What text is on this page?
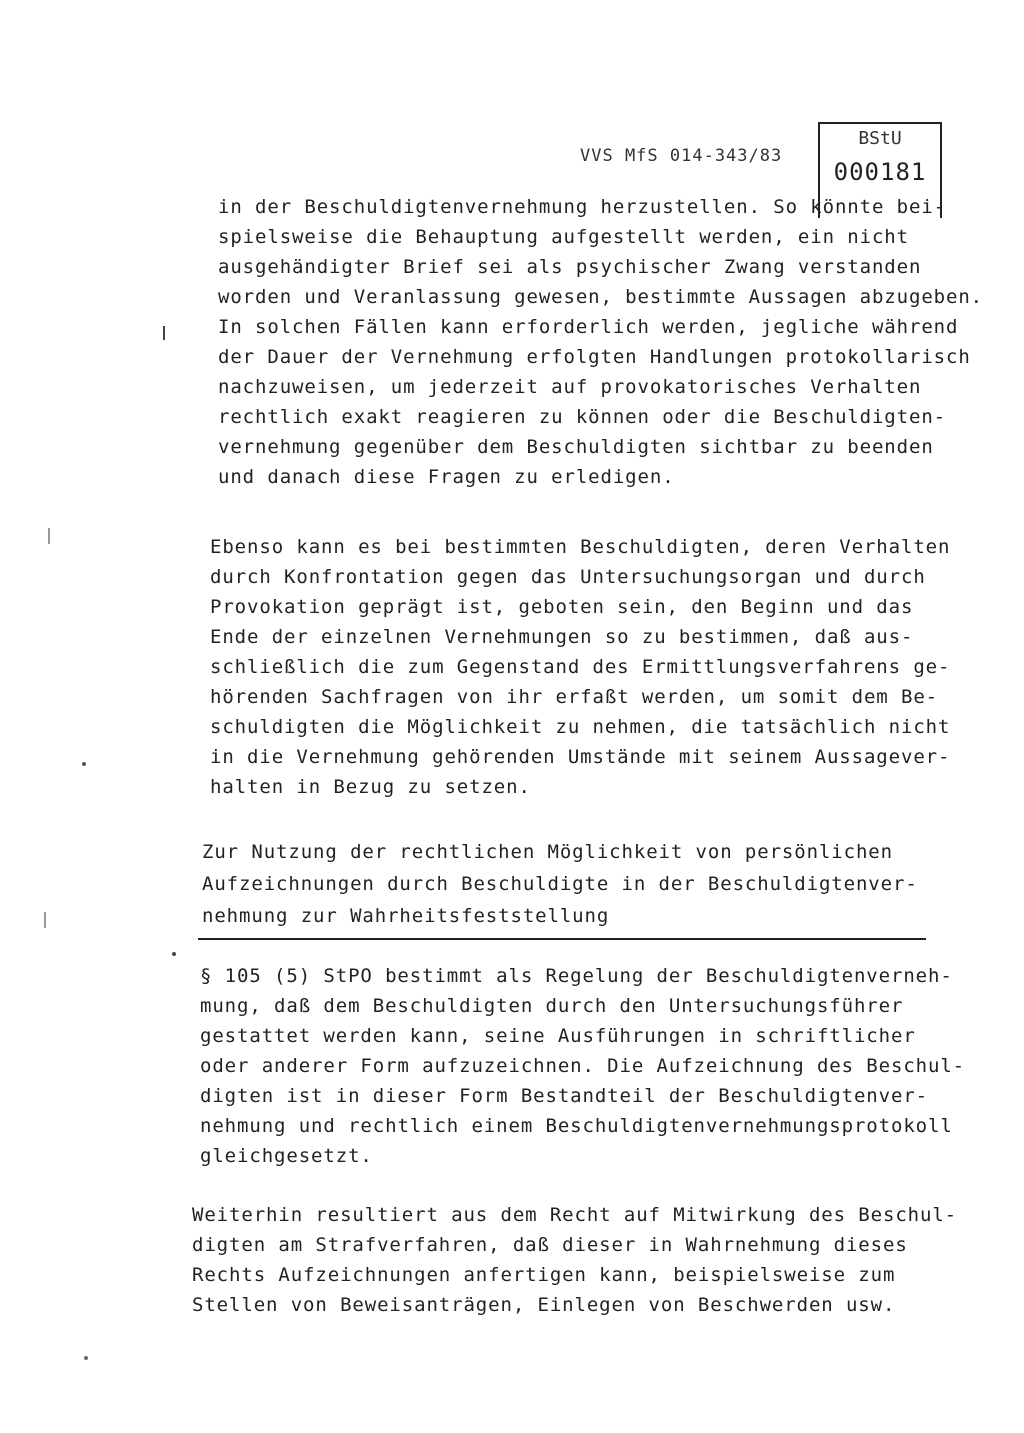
VVS MfS 014-343/83
BStU
000181
in der Beschuldigtenvernehmung herzustellen. So könnte bei-
spielsweise die Behauptung aufgestellt werden, ein nicht
ausgehändigter Brief sei als psychischer Zwang verstanden
worden und Veranlassung gewesen, bestimmte Aussagen abzugeben.
In solchen Fällen kann erforderlich werden, jegliche während
der Dauer der Vernehmung erfolgten Handlungen protokollarisch
nachzuweisen, um jederzeit auf provokatorisches Verhalten
rechtlich exakt reagieren zu können oder die Beschuldigten-
vernehmung gegenüber dem Beschuldigten sichtbar zu beenden
und danach diese Fragen zu erledigen.
Ebenso kann es bei bestimmten Beschuldigten, deren Verhalten
durch Konfrontation gegen das Untersuchungsorgan und durch
Provokation geprägt ist, geboten sein, den Beginn und das
Ende der einzelnen Vernehmungen so zu bestimmen, daß aus-
schließlich die zum Gegenstand des Ermittlungsverfahrens ge-
hörenden Sachfragen von ihr erfaßt werden, um somit dem Be-
schuldigten die Möglichkeit zu nehmen, die tatsächlich nicht
in die Vernehmung gehörenden Umstände mit seinem Aussagever-
halten in Bezug zu setzen.
Zur Nutzung der rechtlichen Möglichkeit von persönlichen
Aufzeichnungen durch Beschuldigte in der Beschuldigtenver-
nehmung zur Wahrheitsfeststellung
§ 105 (5) StPO bestimmt als Regelung der Beschuldigtenverneh-
mung, daß dem Beschuldigten durch den Untersuchungsführer
gestattet werden kann, seine Ausführungen in schriftlicher
oder anderer Form aufzuzeichnen. Die Aufzeichnung des Beschul-
digten ist in dieser Form Bestandteil der Beschuldigtenver-
nehmung und rechtlich einem Beschuldigtenvernehmungsprotokoll
gleichgesetzt.
Weiterhin resultiert aus dem Recht auf Mitwirkung des Beschul-
digten am Strafverfahren, daß dieser in Wahrnehmung dieses
Rechts Aufzeichnungen anfertigen kann, beispielsweise zum
Stellen von Beweisanträgen, Einlegen von Beschwerden usw.
